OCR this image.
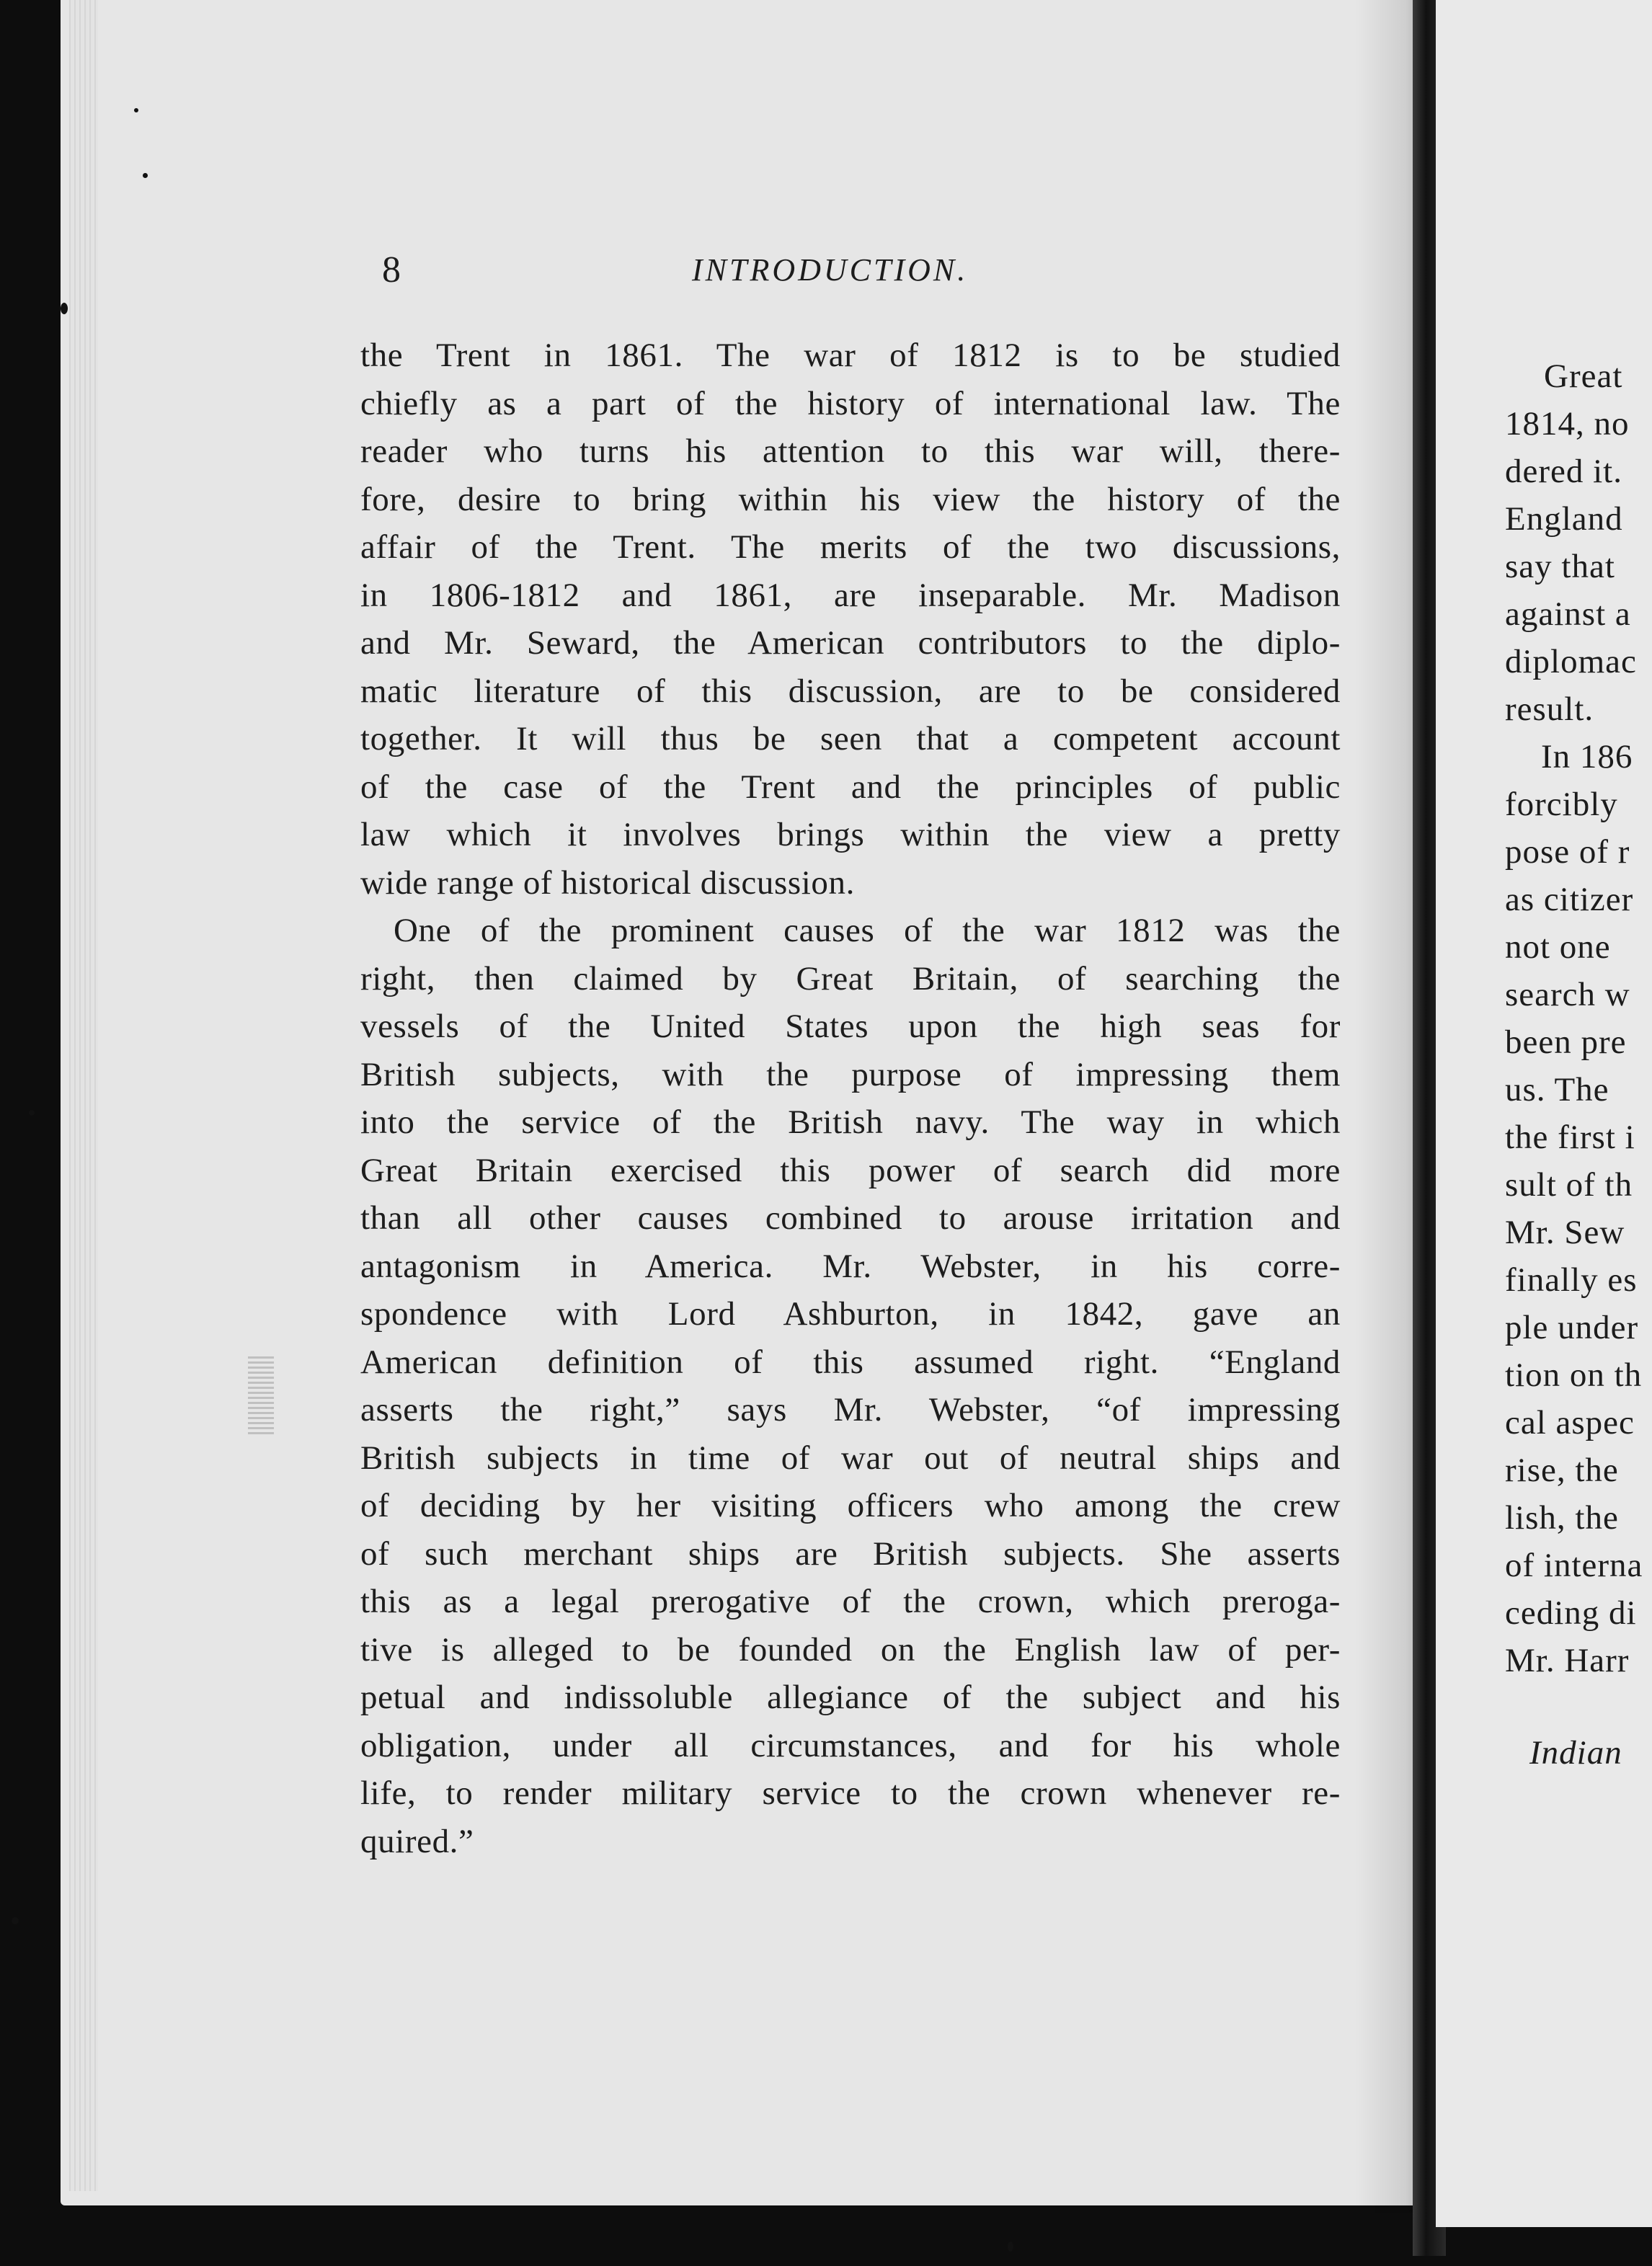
8	INTRODUCTION.
the Trent in 1861. The war of 1812 is to be studied
chiefly as a part of the history of international law. The
reader who turns his attention to this war will, there-
fore, desire to bring within his view the history of the
affair of the Trent. The merits of the two discussions,
in 1806-1812 and 1861, are inseparable. Mr. Madison
and Mr. Seward, the American contributors to the diplo-
matic literature of this discussion, are to be considered
together. It will thus be seen that a competent account
of the case of the Trent and the principles of public
law which it involves brings within the view a pretty
wide range of historical discussion.
One of the prominent causes of the war 1812 was the
right, then claimed by Great Britain, of searching the
vessels of the United States upon the high seas for
British subjects, with the purpose of impressing them
into the service of the British navy. The way in which
Great Britain exercised this power of search did more
than all other causes combined to arouse irritation and
antagonism in America. Mr. Webster, in his corre-
spondence with Lord Ashburton, in 1842, gave an
American definition of this assumed right. “England
asserts the right,” says Mr. Webster, “of impressing
British subjects in time of war out of neutral ships and
of deciding by her visiting officers who among the crew
of such merchant ships are British subjects. She asserts
this as a legal prerogative of the crown, which preroga-
tive is alleged to be founded on the English law of per-
petual and indissoluble allegiance of the subject and his
obligation, under all circumstances, and for his whole
life, to render military service to the crown whenever re-
quired.”
Great
1814, no
dered it.
England
say that
against a
diplomac
result.
In 186
forcibly
pose of r
as citizer
not one
search w
been pre
us. The
the first i
sult of th
Mr. Sew
finally es
ple under
tion on th
cal aspec
rise, the
lish, the
of interna
ceding di
Mr. Harr
Indian
